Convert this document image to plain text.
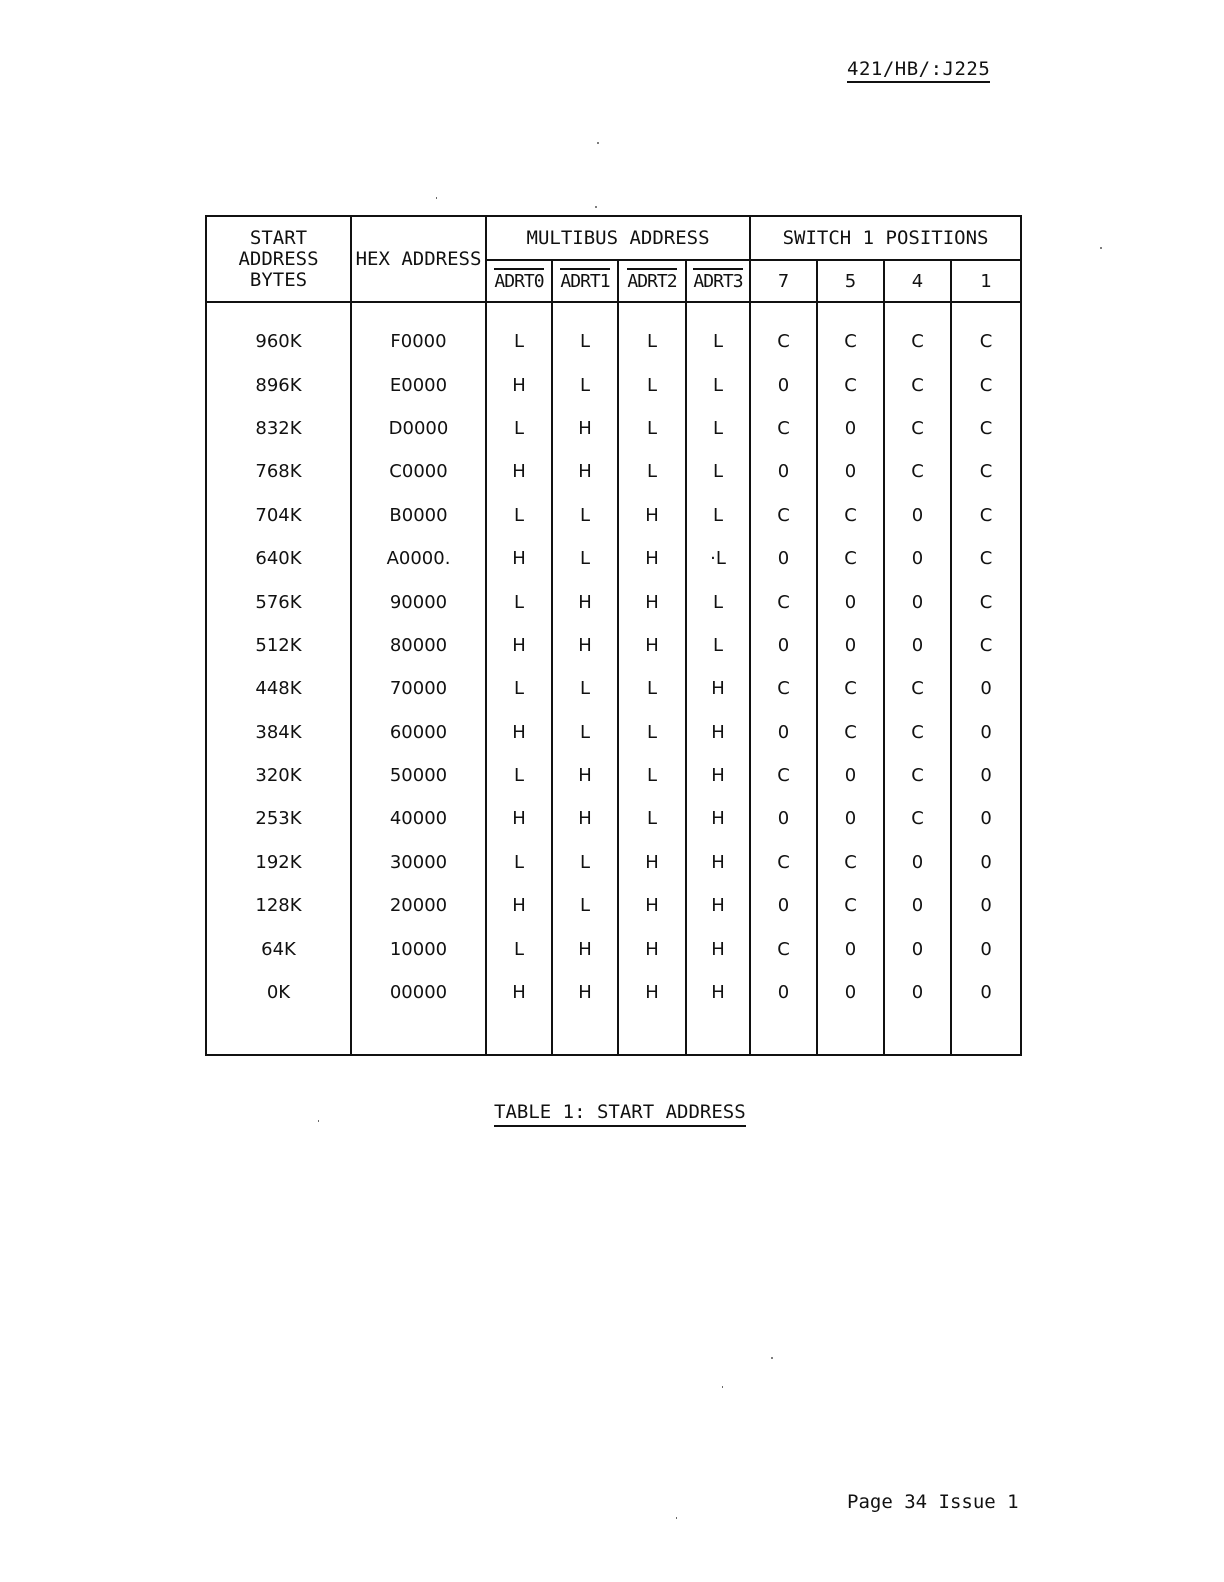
421/HB/:J225
START ADDRESS BYTES	HEX ADDRESS	MULTIBUS ADDRESS				SWITCH 1 POSITIONS			
		ADRT0	ADRT1	ADRT2	ADRT3	7	5	4	1

960K	F0000	L	L	L	L	C	C	C	C
896K	E0000	H	L	L	L	0	C	C	C
832K	D0000	L	H	L	L	C	0	C	C
768K	C0000	H	H	L	L	0	0	C	C
704K	B0000	L	L	H	L	C	C	0	C
640K	A0000.	H	L	H	·L	0	C	0	C
576K	90000	L	H	H	L	C	0	0	C
512K	80000	H	H	H	L	0	0	0	C
448K	70000	L	L	L	H	C	C	C	0
384K	60000	H	L	L	H	0	C	C	0
320K	50000	L	H	L	H	C	0	C	0
253K	40000	H	H	L	H	0	0	C	0
192K	30000	L	L	H	H	C	C	0	0
128K	20000	H	L	H	H	0	C	0	0
64K	10000	L	H	H	H	C	0	0	0
0K	00000	H	H	H	H	0	0	0	0

TABLE 1: START ADDRESS
Page 34 Issue 1
